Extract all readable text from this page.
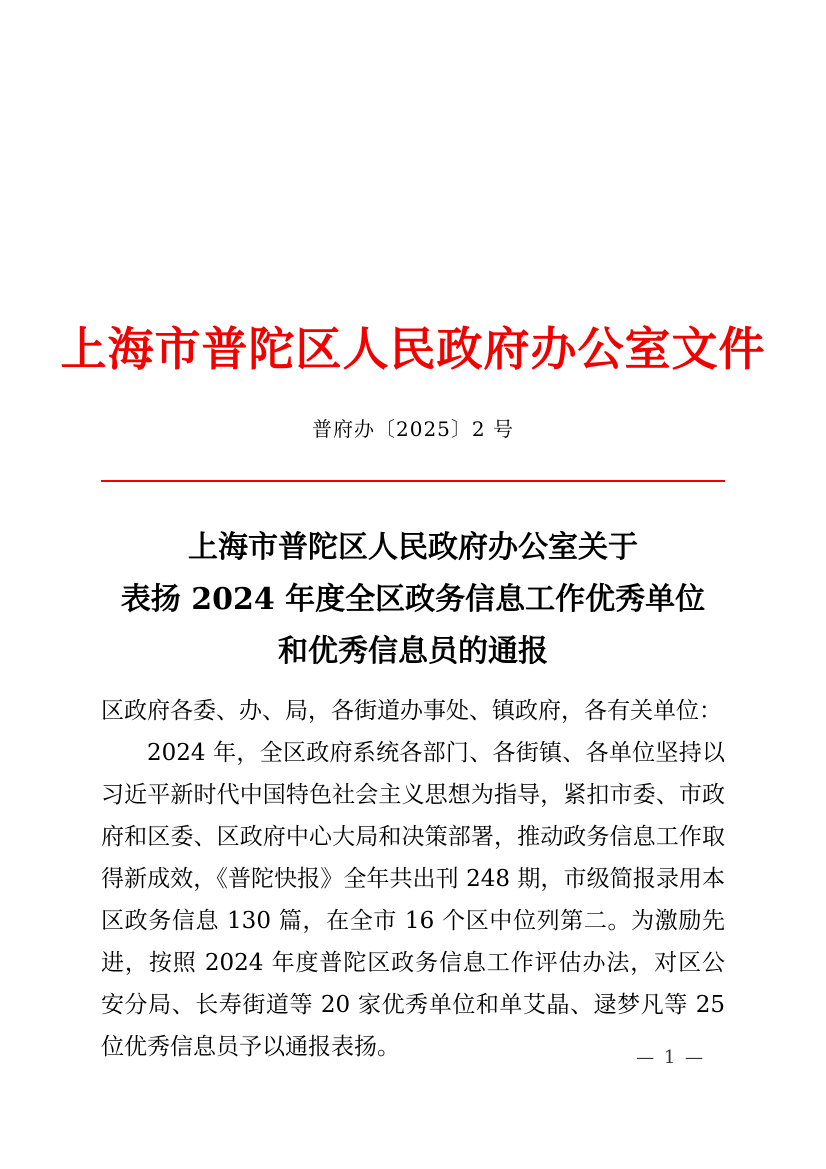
上海市普陀区人民政府办公室文件
普府办〔2025〕2 号
上海市普陀区人民政府办公室关于
表扬 2024 年度全区政务信息工作优秀单位
和优秀信息员的通报
区政府各委、办、局，各街道办事处、镇政府，各有关单位：
2024 年，全区政府系统各部门、各街镇、各单位坚持以习近平新时代中国特色社会主义思想为指导，紧扣市委、市政府和区委、区政府中心大局和决策部署，推动政务信息工作取得新成效，《普陀快报》全年共出刊 248 期，市级简报录用本区政务信息 130 篇，在全市 16 个区中位列第二。为激励先进，按照 2024 年度普陀区政务信息工作评估办法，对区公安分局、长寿街道等 20 家优秀单位和单艾晶、逯梦凡等 25 位优秀信息员予以通报表扬。	— 1 —
